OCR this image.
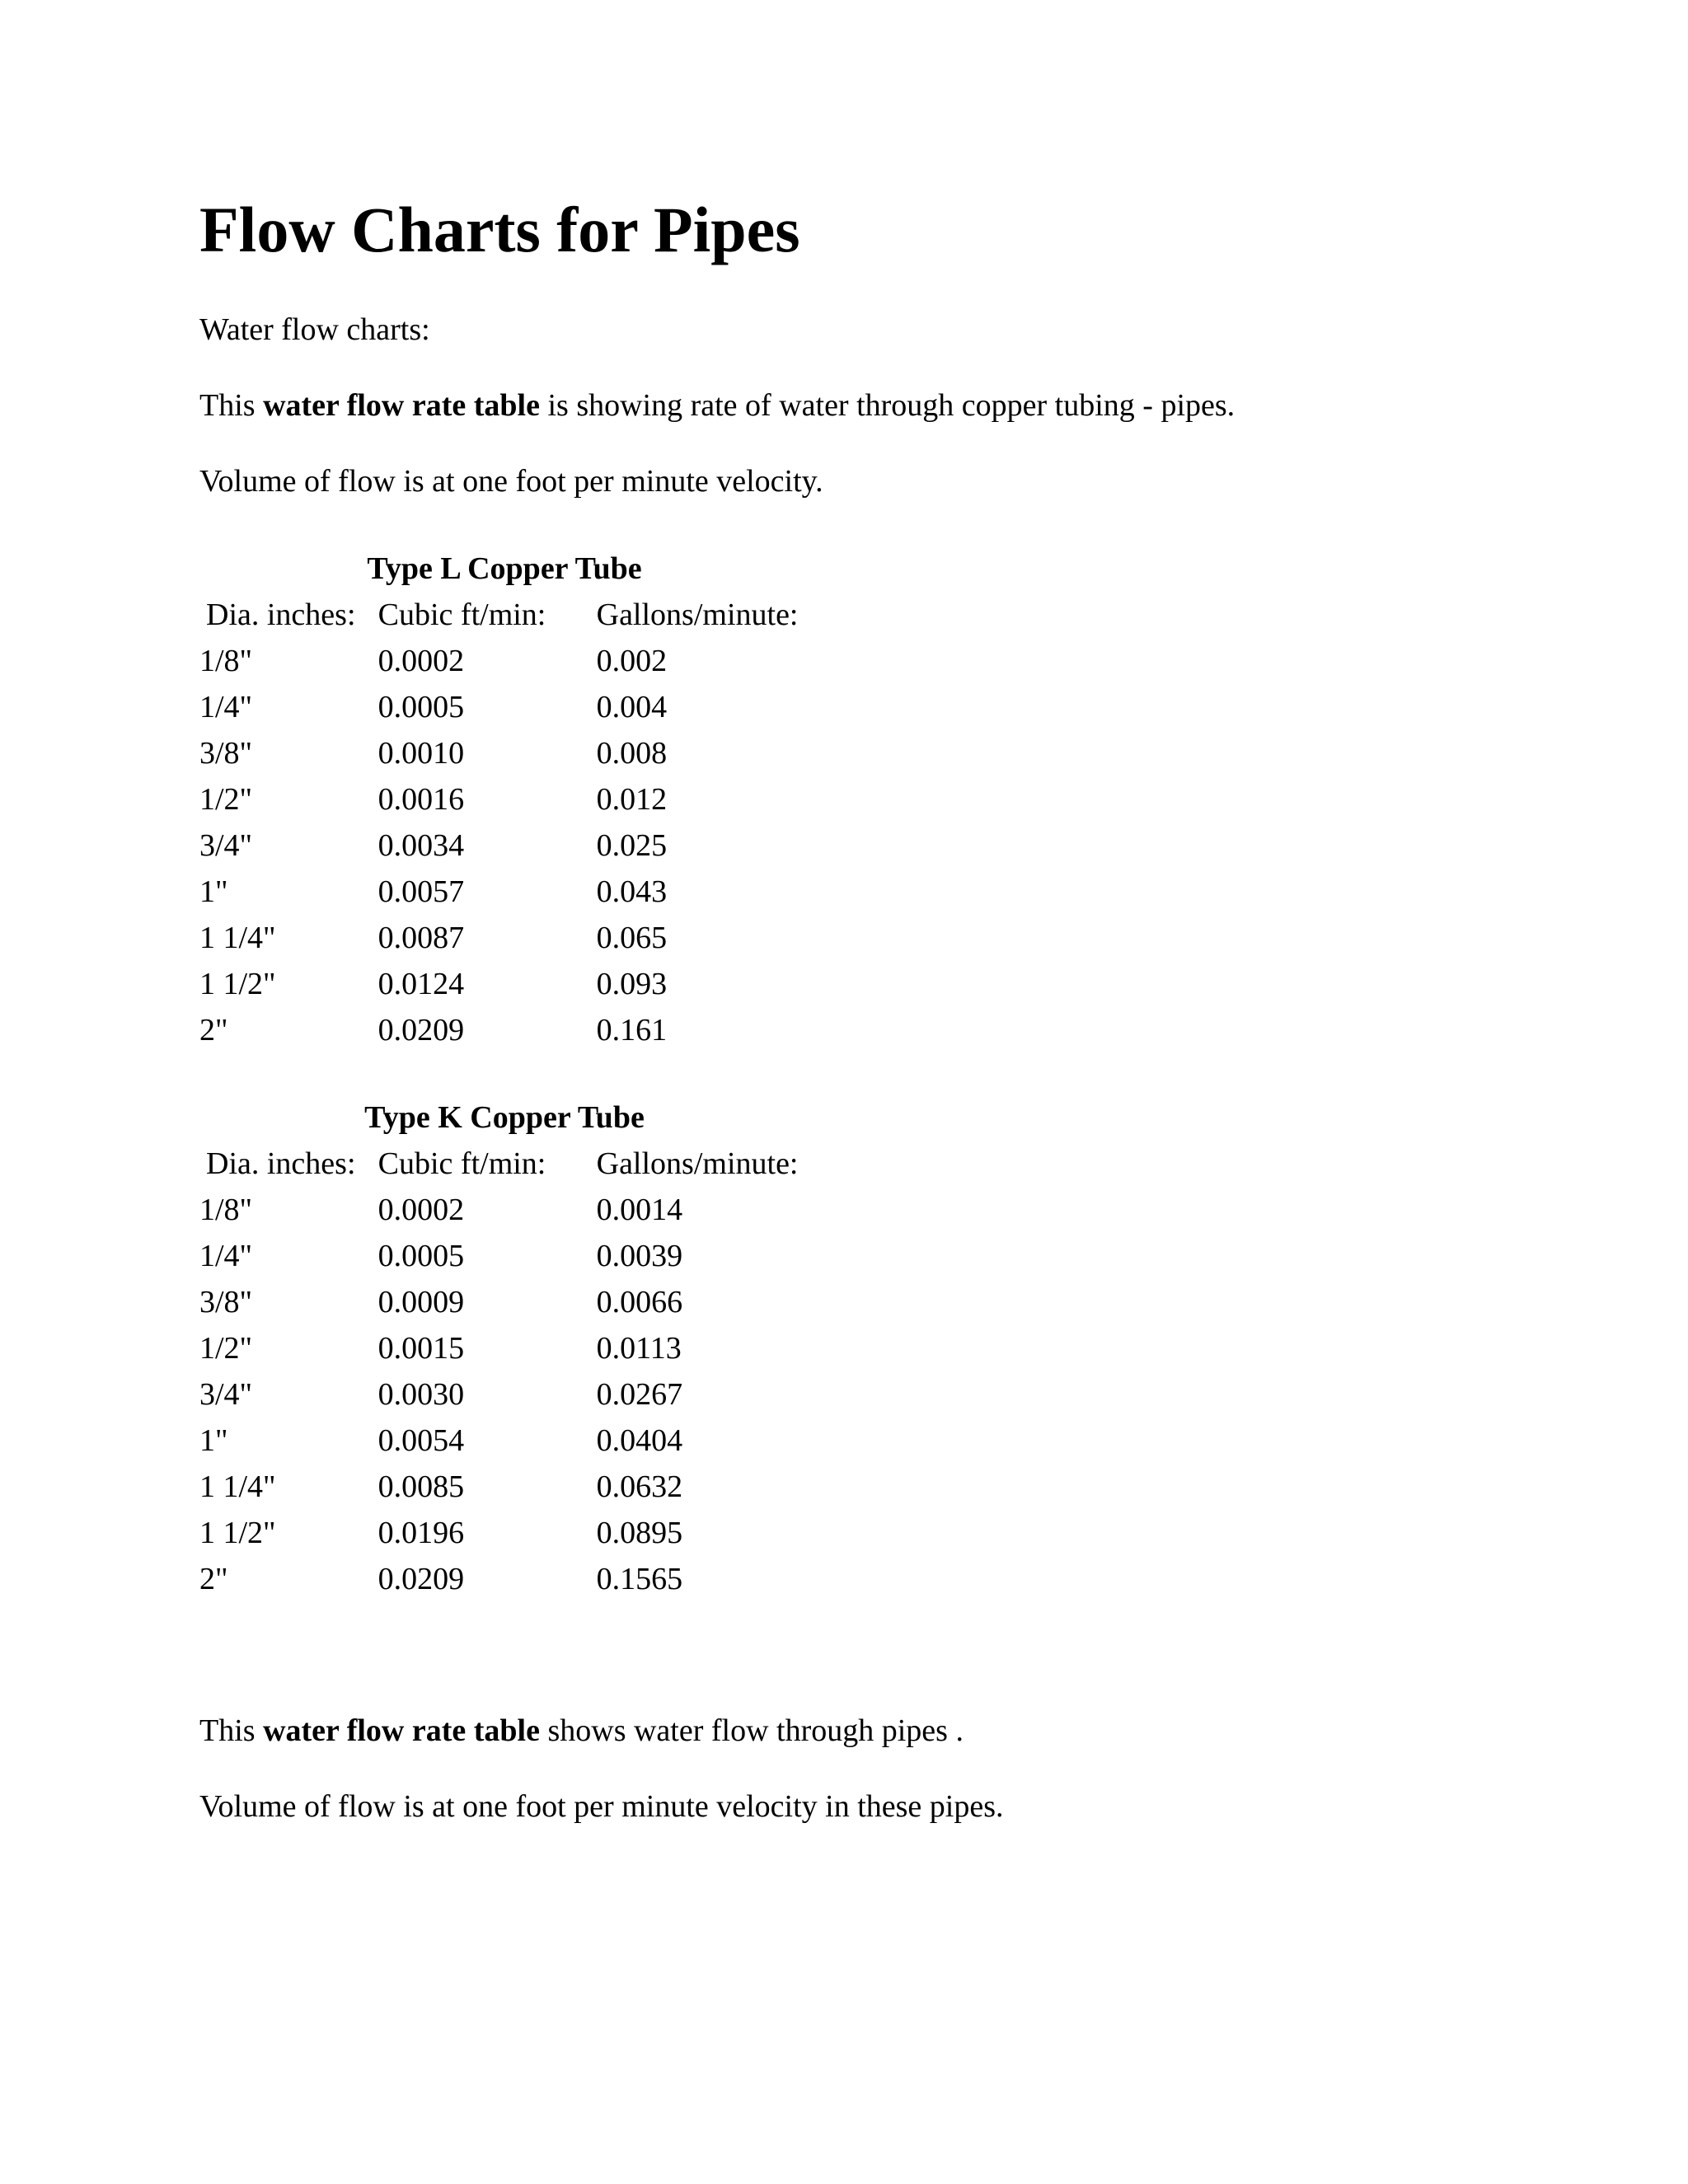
Flow Charts for Pipes

Water flow charts:

This water flow rate table is showing rate of water through copper tubing - pipes.

Volume of flow is at one foot per minute velocity.

Type L Copper Tube
Dia. inches:	Cubic ft/min:	Gallons/minute:
1/8"	0.0002	0.002
1/4"	0.0005	0.004
3/8"	0.0010	0.008
1/2"	0.0016	0.012
3/4"	0.0034	0.025
1"	0.0057	0.043
1 1/4"	0.0087	0.065
1 1/2"	0.0124	0.093
2"	0.0209	0.161
Type K Copper Tube
Dia. inches:	Cubic ft/min:	Gallons/minute:
1/8"	0.0002	0.0014
1/4"	0.0005	0.0039
3/8"	0.0009	0.0066
1/2"	0.0015	0.0113
3/4"	0.0030	0.0267
1"	0.0054	0.0404
1 1/4"	0.0085	0.0632
1 1/2"	0.0196	0.0895
2"	0.0209	0.1565

This water flow rate table shows water flow through pipes .

Volume of flow is at one foot per minute velocity in these pipes.
